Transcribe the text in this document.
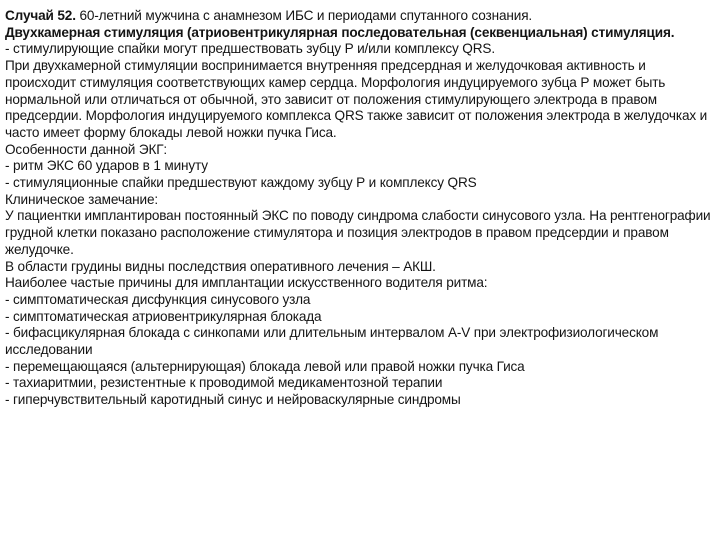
Случай 52. 60-летний мужчина с анамнезом ИБС и периодами спутанного сознания.

Двухкамерная стимуляция (атриовентрикулярная последовательная (секвенциальная) стимуляция.

- стимулирующие спайки могут предшествовать зубцу Р и/или комплексу QRS.

При двухкамерной стимуляции воспринимается внутренняя предсердная и желудочковая активность и происходит стимуляция соответствующих камер сердца. Морфология индуцируемого зубца Р может быть нормальной или отличаться от обычной, это зависит от положения стимулирующего электрода в правом предсердии. Морфология индуцируемого комплекса QRS также зависит от положения электрода в желудочках и часто имеет форму блокады левой ножки пучка Гиса.

Особенности данной ЭКГ:

- ритм ЭКС 60 ударов в 1 минуту

- стимуляционные спайки предшествуют каждому зубцу Р и комплексу QRS

Клиническое замечание:

У пациентки имплантирован постоянный ЭКС по поводу синдрома слабости синусового узла. На рентгенографии грудной клетки показано расположение стимулятора и позиция электродов в правом предсердии и правом желудочке.

В области грудины видны последствия оперативного лечения – АКШ.

Наиболее частые причины для имплантации искусственного водителя ритма:

- симптоматическая дисфункция синусового узла

- симптоматическая атриовентрикулярная блокада

- бифасцикулярная блокада с синкопами или длительным интервалом A-V при электрофизиологическом исследовании

- перемещающаяся (альтернирующая) блокада левой или правой ножки пучка Гиса

- тахиаритмии, резистентные к проводимой медикаментозной терапии

- гиперчувствительный каротидный синус и нейроваскулярные синдромы
